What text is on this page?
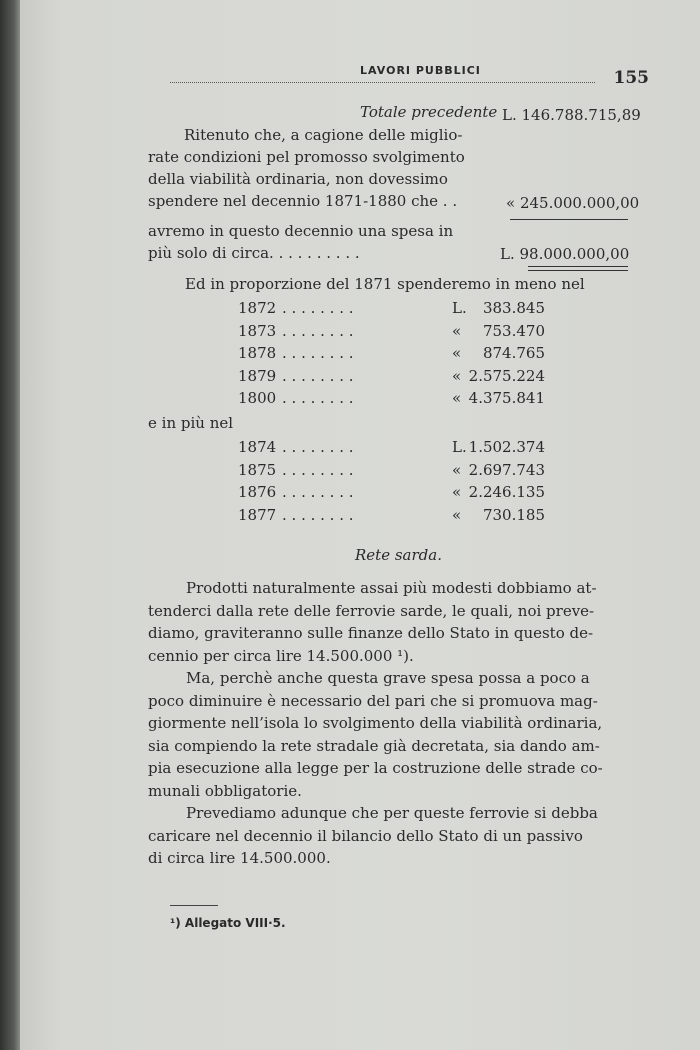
LAVORI PUBBLICI	155
Totale precedente L. 146.788.715,89
Ritenuto che, a cagione delle miglio-
rate condizioni pel promosso svolgimento
della viabilità ordinaria, non dovessimo
spendere nel decennio 1871-1880 che . .	« 245.000.000,00
avremo in questo decennio una spesa in
più solo di circa. . . . . . . . . .	L. 98.000.000,00
Ed in proporzione del 1871 spenderemo in meno nel
1872 . . . . . . . .	L.	383.845
1873 . . . . . . . .	«	753.470
1878 . . . . . . . .	«	874.765
1879 . . . . . . . .	« 2.575.224
1800 . . . . . . . .	« 4.375.841
e in più nel
1874 . . . . . . . .	L. 1.502.374
1875 . . . . . . . .	« 2.697.743
1876 . . . . . . . .	« 2.246.135
1877 . . . . . . . .	«	730.185
Rete sarda.
Prodotti naturalmente assai più modesti dobbiamo at-
tenderci dalla rete delle ferrovie sarde, le quali, noi preve-
diamo, graviteranno sulle finanze dello Stato in questo de-
cennio per circa lire 14.500.000 ¹).
Ma, perchè anche questa grave spesa possa a poco a
poco diminuire è necessario del pari che si promuova mag-
giormente nell’isola lo svolgimento della viabilità ordinaria,
sia compiendo la rete stradale già decretata, sia dando am-
pia esecuzione alla legge per la costruzione delle strade co-
munali obbligatorie.
Prevediamo adunque che per queste ferrovie si debba
caricare nel decennio il bilancio dello Stato di un passivo
di circa lire 14.500.000.
¹) Allegato VIII·5.
